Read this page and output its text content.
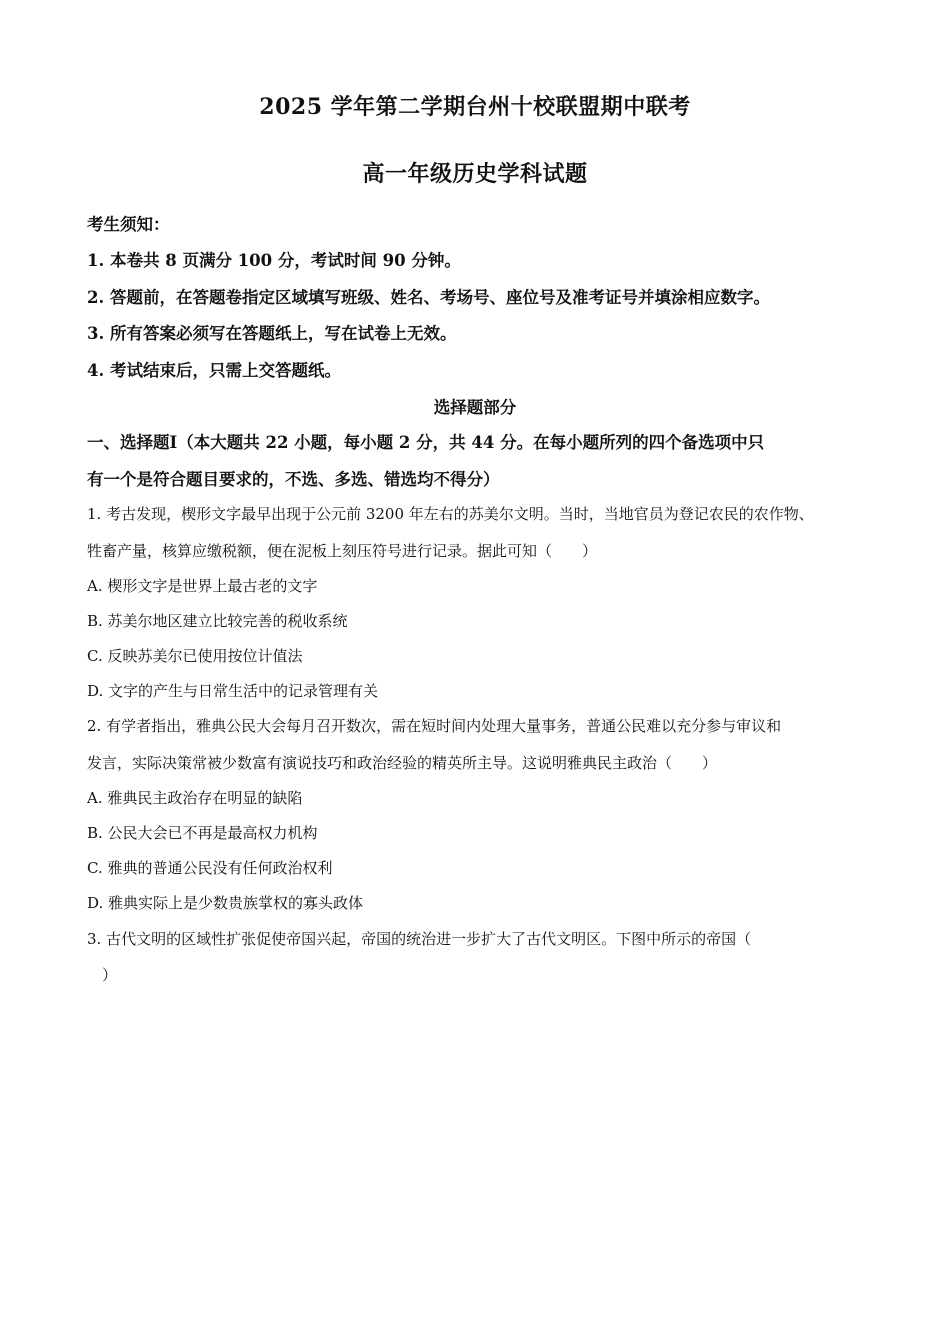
2025 学年第二学期台州十校联盟期中联考
高一年级历史学科试题
考生须知：
1. 本卷共 8 页满分 100 分，考试时间 90 分钟。
2. 答题前，在答题卷指定区域填写班级、姓名、考场号、座位号及准考证号并填涂相应数字。
3. 所有答案必须写在答题纸上，写在试卷上无效。
4. 考试结束后，只需上交答题纸。
选择题部分
一、选择题Ⅰ（本大题共 22 小题，每小题 2 分，共 44 分。在每小题所列的四个备选项中只
有一个是符合题目要求的，不选、多选、错选均不得分）
1. 考古发现，楔形文字最早出现于公元前 3200 年左右的苏美尔文明。当时，当地官员为登记农民的农作物、
牲畜产量，核算应缴税额，便在泥板上刻压符号进行记录。据此可知（　　）
A. 楔形文字是世界上最古老的文字
B. 苏美尔地区建立比较完善的税收系统
C. 反映苏美尔已使用按位计值法
D. 文字的产生与日常生活中的记录管理有关
2. 有学者指出，雅典公民大会每月召开数次，需在短时间内处理大量事务，普通公民难以充分参与审议和
发言，实际决策常被少数富有演说技巧和政治经验的精英所主导。这说明雅典民主政治（　　）
A. 雅典民主政治存在明显的缺陷
B. 公民大会已不再是最高权力机构
C. 雅典的普通公民没有任何政治权利
D. 雅典实际上是少数贵族掌权的寡头政体
3. 古代文明的区域性扩张促使帝国兴起，帝国的统治进一步扩大了古代文明区。下图中所示的帝国（
　）
